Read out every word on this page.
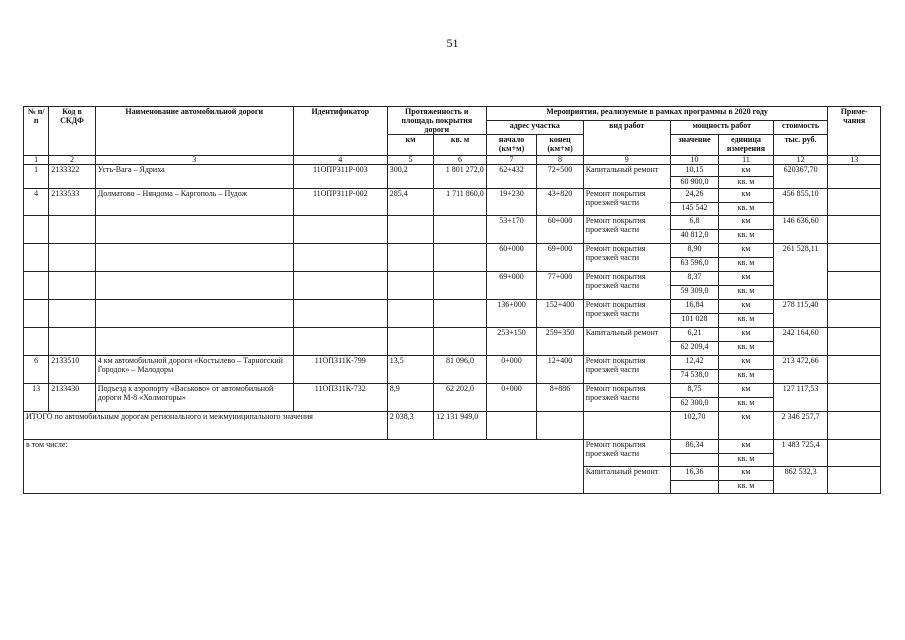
51
№ п/п	Код в СКДФ	Наименование автомобильной дороги	Идентификатор	Протяженность и площадь покрытия дороги		Мероприятия, реализуемые в рамках программы в 2020 году						Приме-чания
						адрес участка		вид работ	мощность работ		стоимость	
				км	кв. м	начало (км+м)	конец (км+м)		значение	единица измерения	тыс. руб.	
1	2	3	4	5	6	7	8	9	10	11	12	13
1	2133322	Усть-Вага – Ядриха	11ОПРЗ11Р-003	300,2	1 801 272,0	62+432	72+500	Капитальный ремонт	10,15	км	620367,70	
									60 900,0	кв. м		
4	2133533	Долматово – Няндома – Каргополь – Пудож	11ОПРЗ11Р-002	285,4	1 711 860,0	19+230	43+820	Ремонт покрытия проезжей части	24,26	км	456 855,10	
									145 542	кв. м		
						53+170	60+000	Ремонт покрытия проезжей части	6,8	км	146 636,60	
									40 812,0	кв. м		
						60+000	69+000	Ремонт покрытия проезжей части	8,90	км	261 528,11	
									63 596,0	кв. м		
						69+000	77+000	Ремонт покрытия проезжей части	8,37	км		
									59 309,0	кв. м		
						136+000	152+400	Ремонт покрытия проезжей части	16,84	км	278 115,40	
									101 028	кв. м		
						253+150	259+350	Капитальный ремонт	6,21	км	242 164,60	
									62 209,4	кв. м		
6	2133510	4 км автомобильной дороги «Костылево – Тарногский Городок» – Малодоры	11ОПЗ11К-799	13,5	81 096,0	0+000	12+400	Ремонт покрытия проезжей части	12,42	км	213 472,66	
									74 538,0	кв. м		
13	2133430	Подъезд к аэропорту «Васьково» от автомобильной дороги М-8 «Холмогоры»	11ОПЗ11К-732	8,9	62 202,0	0+000	8+886	Ремонт покрытия проезжей части	8,75	км	127 117,53	
									62 300,0	кв. м		
ИТОГО по автомобильным дорогам регионального и межмуниципального значения				2 038,3	12 131 949,0				102,70	км	2 346 257,7	
в том числе:								Ремонт покрытия проезжей части	86,34	км	1 483 725,4	
										кв. м		
								Капитальный ремонт	16,36	км	862 532,3	
										кв. м		
